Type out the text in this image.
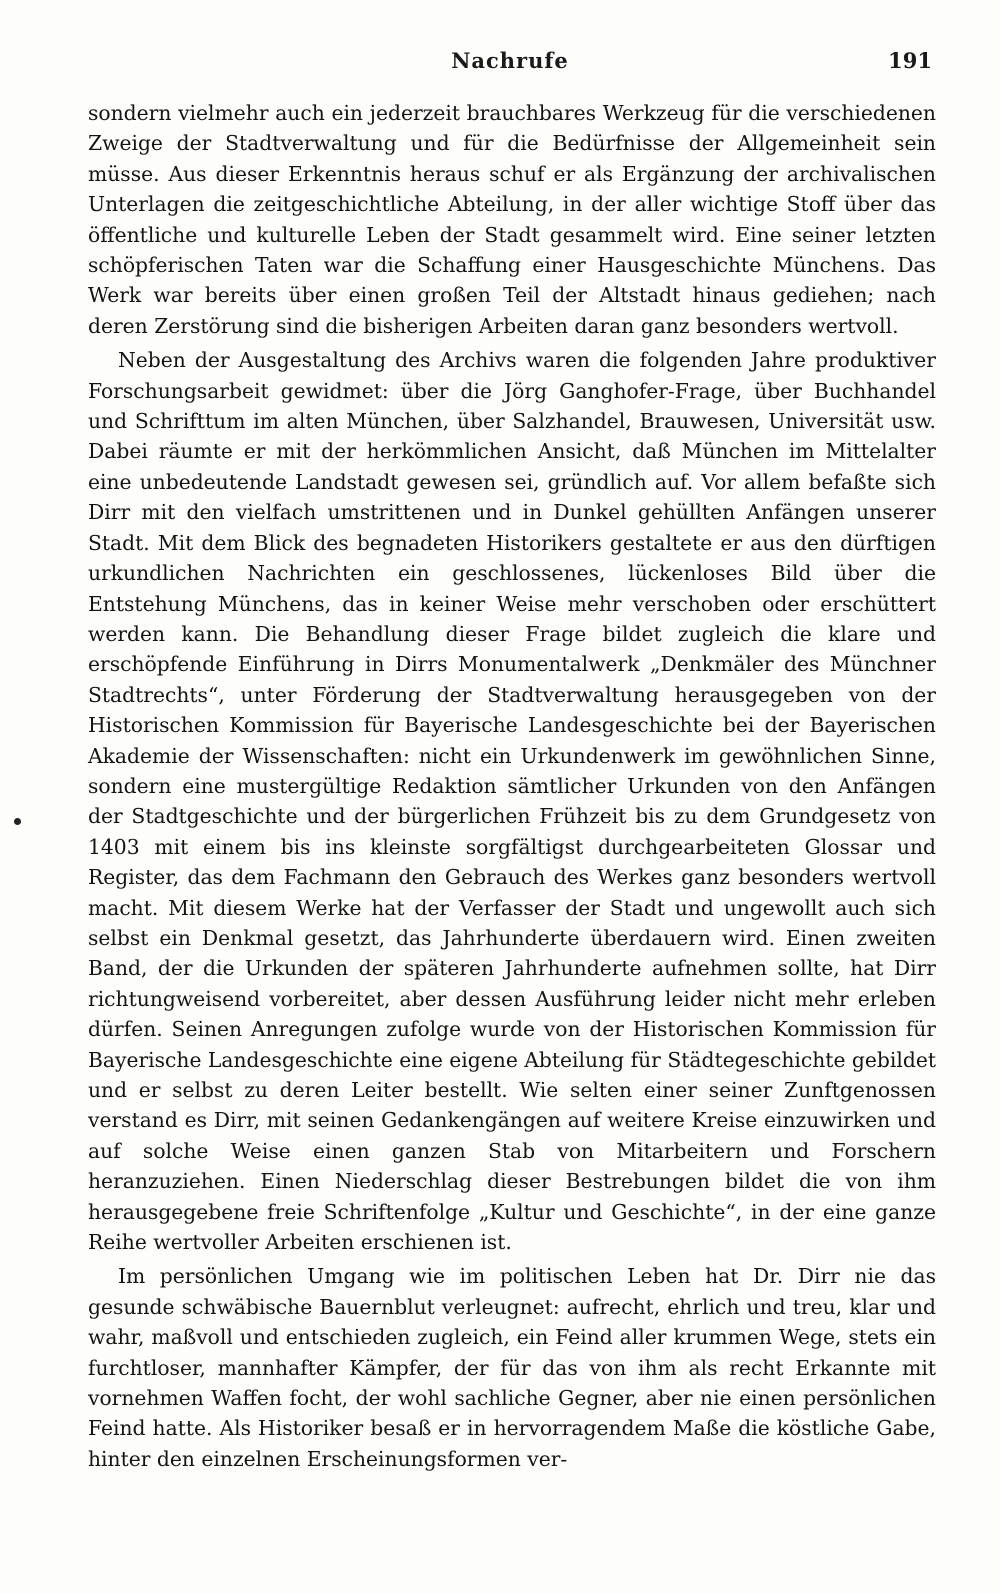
Nachrufe	191

sondern vielmehr auch ein jederzeit brauchbares Werkzeug für die verschiedenen Zweige der Stadtverwaltung und für die Bedürfnisse der Allgemeinheit sein müsse. Aus dieser Erkenntnis heraus schuf er als Ergänzung der archivalischen Unterlagen die zeitgeschichtliche Abteilung, in der aller wichtige Stoff über das öffentliche und kulturelle Leben der Stadt gesammelt wird. Eine seiner letzten schöpferischen Taten war die Schaffung einer Hausgeschichte Münchens. Das Werk war bereits über einen großen Teil der Altstadt hinaus gediehen; nach deren Zerstörung sind die bisherigen Arbeiten daran ganz besonders wertvoll.

Neben der Ausgestaltung des Archivs waren die folgenden Jahre produktiver Forschungsarbeit gewidmet: über die Jörg Ganghofer-Frage, über Buchhandel und Schrifttum im alten München, über Salzhandel, Brauwesen, Universität usw. Dabei räumte er mit der herkömmlichen Ansicht, daß München im Mittelalter eine unbedeutende Landstadt gewesen sei, gründlich auf. Vor allem befaßte sich Dirr mit den vielfach umstrittenen und in Dunkel gehüllten Anfängen unserer Stadt. Mit dem Blick des begnadeten Historikers gestaltete er aus den dürftigen urkundlichen Nachrichten ein geschlossenes, lückenloses Bild über die Entstehung Münchens, das in keiner Weise mehr verschoben oder erschüttert werden kann. Die Behandlung dieser Frage bildet zugleich die klare und erschöpfende Einführung in Dirrs Monumentalwerk „Denkmäler des Münchner Stadtrechts“, unter Förderung der Stadtverwaltung herausgegeben von der Historischen Kommission für Bayerische Landesgeschichte bei der Bayerischen Akademie der Wissenschaften: nicht ein Urkundenwerk im gewöhnlichen Sinne, sondern eine mustergültige Redaktion sämtlicher Urkunden von den Anfängen der Stadtgeschichte und der bürgerlichen Frühzeit bis zu dem Grundgesetz von 1403 mit einem bis ins kleinste sorgfältigst durchgearbeiteten Glossar und Register, das dem Fachmann den Gebrauch des Werkes ganz besonders wertvoll macht. Mit diesem Werke hat der Verfasser der Stadt und ungewollt auch sich selbst ein Denkmal gesetzt, das Jahrhunderte überdauern wird. Einen zweiten Band, der die Urkunden der späteren Jahrhunderte aufnehmen sollte, hat Dirr richtungweisend vorbereitet, aber dessen Ausführung leider nicht mehr erleben dürfen. Seinen Anregungen zufolge wurde von der Historischen Kommission für Bayerische Landesgeschichte eine eigene Abteilung für Städtegeschichte gebildet und er selbst zu deren Leiter bestellt. Wie selten einer seiner Zunftgenossen verstand es Dirr, mit seinen Gedankengängen auf weitere Kreise einzuwirken und auf solche Weise einen ganzen Stab von Mitarbeitern und Forschern heranzuziehen. Einen Niederschlag dieser Bestrebungen bildet die von ihm herausgegebene freie Schriftenfolge „Kultur und Geschichte“, in der eine ganze Reihe wertvoller Arbeiten erschienen ist.

Im persönlichen Umgang wie im politischen Leben hat Dr. Dirr nie das gesunde schwäbische Bauernblut verleugnet: aufrecht, ehrlich und treu, klar und wahr, maßvoll und entschieden zugleich, ein Feind aller krummen Wege, stets ein furchtloser, mannhafter Kämpfer, der für das von ihm als recht Erkannte mit vornehmen Waffen focht, der wohl sachliche Gegner, aber nie einen persönlichen Feind hatte. Als Historiker besaß er in hervorragendem Maße die köstliche Gabe, hinter den einzelnen Erscheinungsformen ver-
